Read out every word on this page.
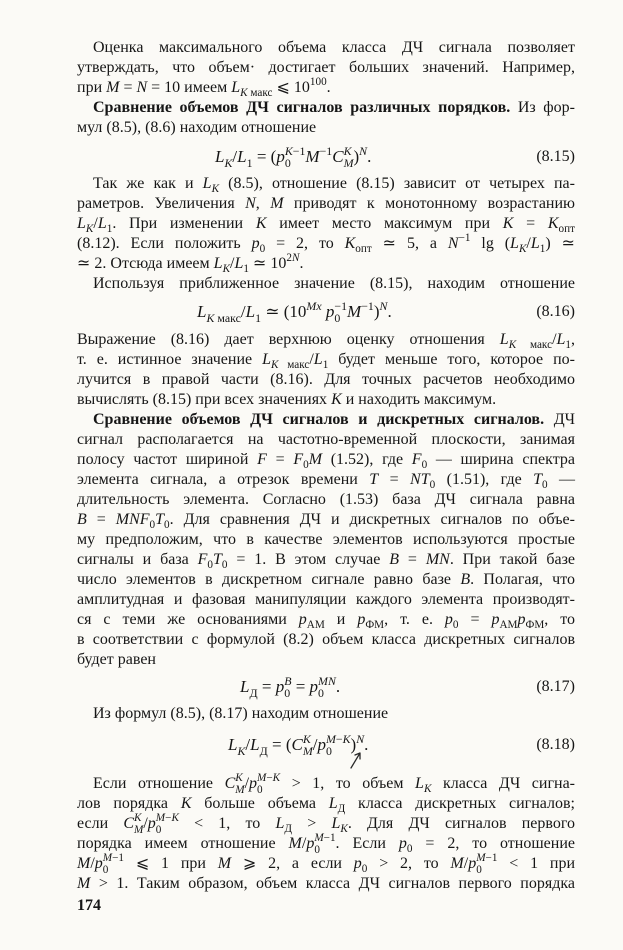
Оценка максимального объема класса ДЧ сигнала позволяет
утверждать, что объем· достигает больших значений. Например,
при M = N = 10 имеем $L_{K макс}$ ⩽ $10^{100}$.
Сравнение объемов ДЧ сигналов различных порядков. Из фор-
мул (8.5), (8.6) находим отношение
$L_K/L_1 = (p$ K−1
0 $M^{-1}C$ K
M )$^N$.	(8.15)
Так же как и $L_K$ (8.5), отношение (8.15) зависит от четырех па-
раметров. Увеличения N, M приводят к монотонному возрастанию
$L_K/L_1$. При изменении K имеет место максимум при $K = K_{опт}$
(8.12). Если положить $p_0 = 2$, то $K_{опт}$ ≃ 5, а $N^{-1}$ $\lg (L_K/L_1)$ ≃
≃ 2. Отсюда имеем $L_K/L_1$ ≃ $10^{2N}$.
Используя приближенное значение (8.15), находим отношение
$L_{K макс}/L_1$ ≃ ($10^{Mx}$ p −1
0 $M^{-1})^N$.	(8.16)
Выражение (8.16) дает верхнюю оценку отношения $L_{K макс}/L_1$,
т. е. истинное значение $L_{K макс}/L_1$ будет меньше того, которое по-
лучится в правой части (8.16). Для точных расчетов необходимо
вычислять (8.15) при всех значениях K и находить максимум.
Сравнение объемов ДЧ сигналов и дискретных сигналов. ДЧ
сигнал располагается на частотно-временной плоскости, занимая
полосу частот шириной $F = F_0M$ (1.52), где $F_0$ — ширина спектра
элемента сигнала, а отрезок времени $T = NT_0$ (1.51), где $T_0$ —
длительность элемента. Согласно (1.53) база ДЧ сигнала равна
$B = MNF_0T_0$. Для сравнения ДЧ и дискретных сигналов по объе-
му предположим, что в качестве элементов используются простые
сигналы и база $F_0T_0 = 1$. В этом случае B = MN. При такой базе
число элементов в дискретном сигнале равно базе B. Полагая, что
амплитудная и фазовая манипуляции каждого элемента производят-
ся с теми же основаниями $p_{АМ}$ и $p_{ФМ}$, т. е. $p_0 = p_{АМ}p_{ФМ}$, то
в соответствии с формулой (8.2) объем класса дискретных сигналов
будет равен
$L_Д = p$ B
0 = p MN
0 .	(8.17)
Из формул (8.5), (8.17) находим отношение
$L_K/L_Д = (C$ K
M /p M−K
0	)$^N$.	(8.18)
Если отношение C K
M /p M−K
0	> 1, то объем $L_K$ класса ДЧ сигна-
лов порядка K больше объема $L_Д$ класса дискретных сигналов;
если C K
M /p M−K
0	< 1, то $L_Д > L_K$. Для ДЧ сигналов первого
порядка имеем отношение M/p M−1
0 . Если $p_0 = 2$, то отношение
M/p M−1
0 ⩽ 1 при M ⩾ 2, а если $p_0 > 2$, то M/p M−1
0 < 1 при
M > 1. Таким образом, объем класса ДЧ сигналов первого порядка
174
